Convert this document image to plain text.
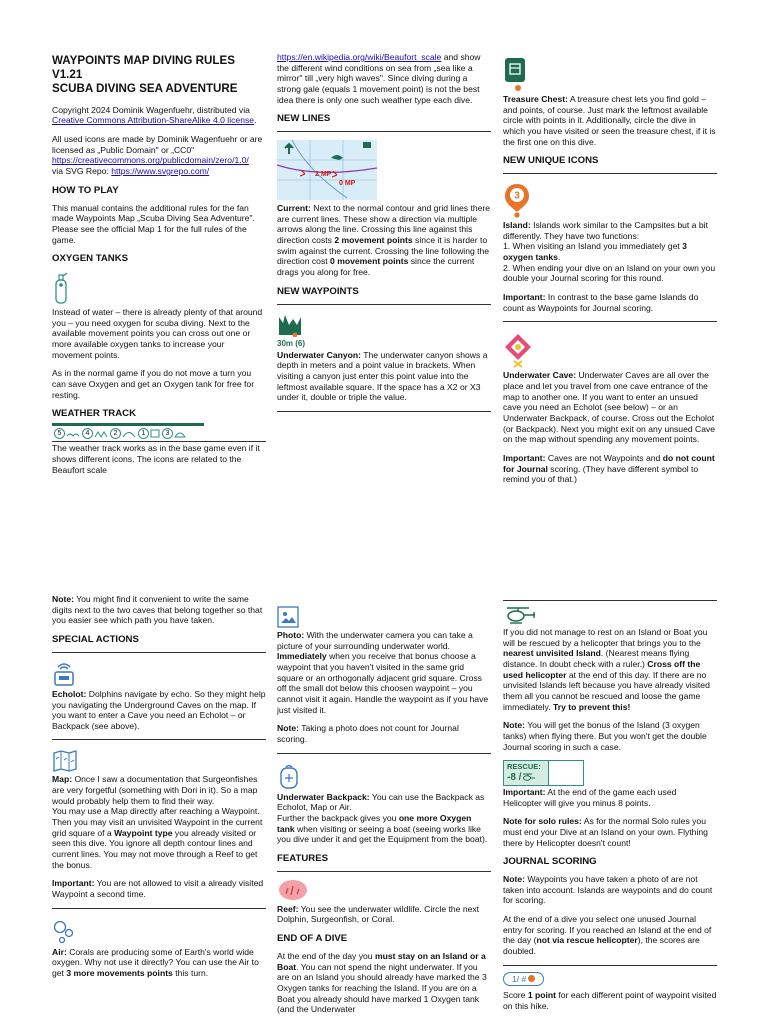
WAYPOINTS MAP DIVING RULES
V1.21
SCUBA DIVING SEA ADVENTURE

Copyright 2024 Dominik Wagenfuehr, distributed via Creative Commons Attribution-ShareAlike 4.0 license.

All used icons are made by Dominik Wagenfuehr or are licensed as „Public Domain" or „CC0"
https://creativecommons.org/publicdomain/zero/1.0/
via SVG Repo: https://www.svgrepo.com/

HOW TO PLAY

This manual contains the additional rules for the fan made Waypoints Map „Scuba Diving Sea Adventure". Please see the official Map 1 for the full rules of the game.

OXYGEN TANKS

Instead of water – there is already plenty of that around you – you need oxygen for scuba diving. Next to the available movement points you can cross out one or more available oxygen tanks to increase your movement points.

As in the normal game if you do not move a turn you can save Oxygen and get an Oxygen tank for free for resting.

WEATHER TRACK
5	4	2	1	3

The weather track works as in the base game even if it shows different icons. The icons are related to the Beaufort scale

https://en.wikipedia.org/wiki/Beaufort_scale and show the different wind conditions on sea from „sea like a mirror" till „very high waves". Since diving during a strong gale (equals 1 movement point) is not the best idea there is only one such weather type each dive.

NEW LINES
2 MP
0 MP

Current: Next to the normal contour and grid lines there are current lines. These show a direction via multiple arrows along the line. Crossing this line against this direction costs 2 movement points since it is harder to swim against the current. Crossing the line following the direction cost 0 movement points since the current drags you along for free.

NEW WAYPOINTS
30m (6)

Underwater Canyon: The underwater canyon shows a depth in meters and a point value in brackets. When visiting a canyon just enter this point value into the leftmost available square. If the space has a X2 or X3 under it, double or triple the value.

Treasure Chest: A treasure chest lets you find gold – and points, of course. Just mark the leftmost available circle with points in it. Additionally, circle the dive in which you have visited or seen the treasure chest, if it is the first one on this dive.

NEW UNIQUE ICONS
3

Island: Islands work similar to the Campsites but a bit differently. They have two functions:
1. When visiting an Island you immediately get 3 oxygen tanks.
2. When ending your dive on an Island on your own you double your Journal scoring for this round.

Important: In contrast to the base game Islands do count as Waypoints for Journal scoring.

Underwater Cave: Underwater Caves are all over the place and let you travel from one cave entrance of the map to another one. If you want to enter an unsued cave you need an Echolot (see below) – or an Underwater Backpack, of course. Cross out the Echolot (or Backpack). Next you might exit on any unsued Cave on the map without spending any movement points.

Important: Caves are not Waypoints and do not count for Journal scoring. (They have different symbol to remind you of that.)

Note: You might find it convenient to write the same digits next to the two caves that belong together so that you easier see which path you have taken.

SPECIAL ACTIONS

Echolot: Dolphins navigate by echo. So they might help you navigating the Underground Caves on the map. If you want to enter a Cave you need an Echolot – or Backpack (see above).

Map: Once I saw a documentation that Surgeonfishes are very forgetful (something with Dori in it). So a map would probably help them to find their way.
You may use a Map directly after reaching a Waypoint. Then you may visit an unvisited Waypoint in the current grid square of a Waypoint type you already visited or seen this dive. You ignore all depth contour lines and current lines. You may not move through a Reef to get the bonus.

Important: You are not allowed to visit a already visited Waypoint a second time.

Air: Corals are producing some of Earth's world wide oxygen. Why not use it directly? You can use the Air to get 3 more movements points this turn.

Photo: With the underwater camera you can take a picture of your surrounding underwater world. Immediately when you receive that bonus choose a waypoint that you haven't visited in the same grid square or an orthogonally adjacent grid square. Cross off the small dot below this choosen waypoint – you cannot visit it again. Handle the waypoint as if you have just visited it.

Note: Taking a photo does not count for Journal scoring.

Underwater Backpack: You can use the Backpack as Echolot, Map or Air.
Further the backpack gives you one more Oxygen tank when visiting or seeing a boat (seeing works like you dive under it and get the Equipment from the boat).

FEATURES

Reef: You see the underwater wildlife. Circle the next Dolphin, Surgeonfish, or Coral.

END OF A DIVE

At the end of the day you must stay on an Island or a Boat. You can not spend the night underwater. If you are on an Island you should already have marked the 3 Oxygen tanks for reaching the Island. If you are on a Boat you already should have marked 1 Oxygen tank (and the Underwater

If you did not manage to rest on an Island or Boat you will be rescued by a helicopter that brings you to the nearest unvisited Island. (Nearest means flying distance. In doubt check with a ruler.) Cross off the used helicopter at the end of this day. If there are no unvisited Islands left because you have already visited them all you cannot be rescued and loose the game immediately. Try to prevent this!

Note: You will get the bonus of the Island (3 oxygen tanks) when flying there. But you won't get the double Journal scoring in such a case.

RESCUE:
-8 /

Important: At the end of the game each used Helicopter will give you minus 8 points.

Note for solo rules: As for the normal Solo rules you must end your Dive at an Island on your own. Flything there by Helicopter doesn't count!

JOURNAL SCORING

Note: Waypoints you have taken a photo of are not taken into account. Islands are waypoints and do count for scoring.

At the end of a dive you select one unused Journal entry for scoring. If you reached an Island at the end of the day (not via rescue helicopter), the scores are doubled.

1/ #

Score 1 point for each different point of waypoint visited on this hike.
